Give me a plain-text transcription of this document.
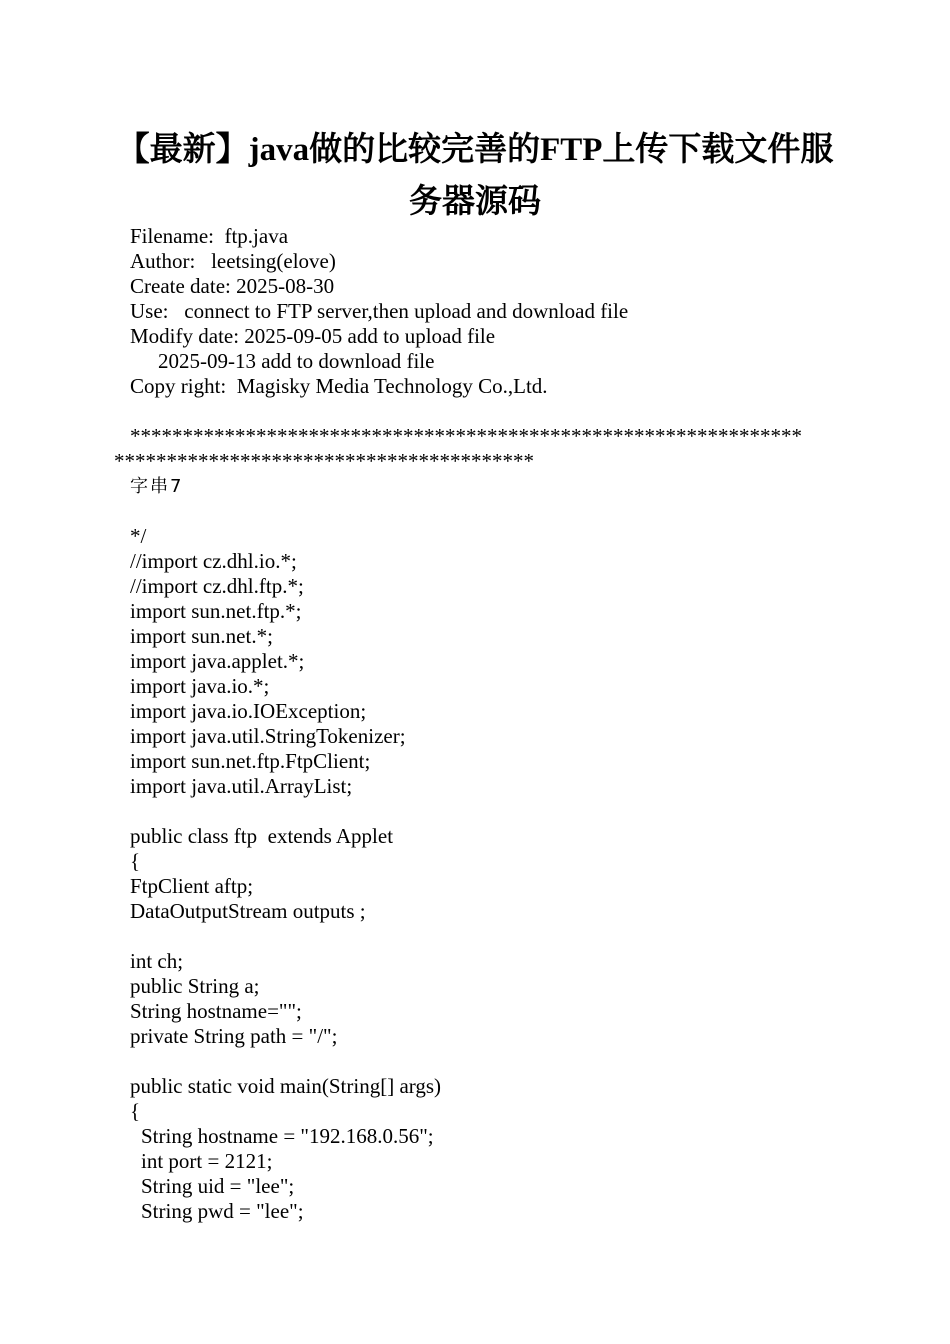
【最新】java做的比较完善的FTP上传下载文件服务器源码
Filename:  ftp.java
Author:   leetsing(elove)
Create date: 2025-08-30
Use:   connect to FTP server,then upload and download file
Modify date: 2025-09-05 add to upload file
2025-09-13 add to download file
Copy right:  Magisky Media Technology Co.,Ltd.
****************************************************************
****************************************
字串7
*/
//import cz.dhl.io.*;
//import cz.dhl.ftp.*;
import sun.net.ftp.*;
import sun.net.*;
import java.applet.*;
import java.io.*;
import java.io.IOException;
import java.util.StringTokenizer;
import sun.net.ftp.FtpClient;
import java.util.ArrayList;
public class ftp  extends Applet
{
FtpClient aftp;
DataOutputStream outputs ;
int ch;
public String a;
String hostname="";
private String path = "/";
public static void main(String[] args)
{
String hostname = "192.168.0.56";
int port = 2121;
String uid = "lee";
String pwd = "lee";
